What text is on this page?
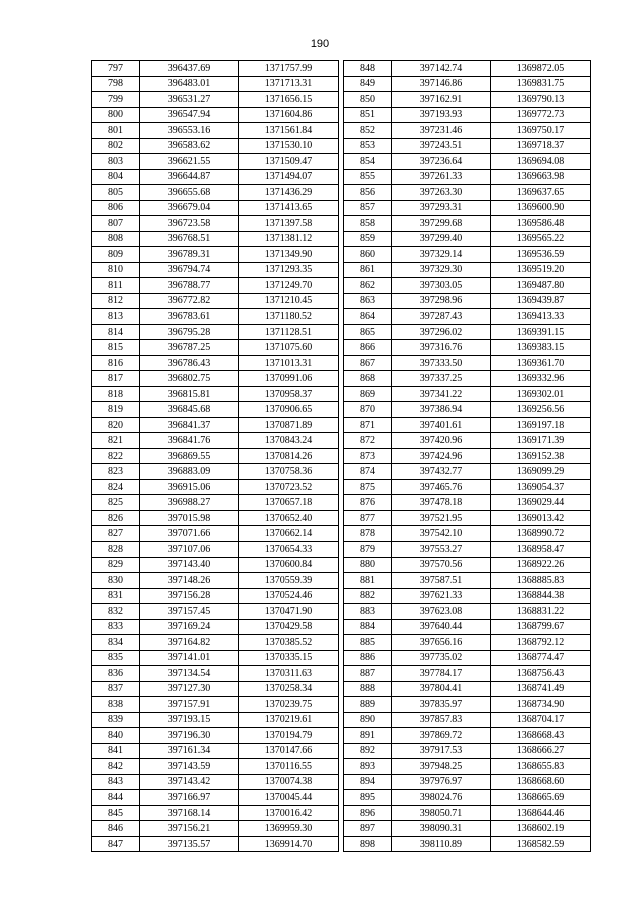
190
797	396437.69	1371757.99
798	396483.01	1371713.31
799	396531.27	1371656.15
800	396547.94	1371604.86
801	396553.16	1371561.84
802	396583.62	1371530.10
803	396621.55	1371509.47
804	396644.87	1371494.07
805	396655.68	1371436.29
806	396679.04	1371413.65
807	396723.58	1371397.58
808	396768.51	1371381.12
809	396789.31	1371349.90
810	396794.74	1371293.35
811	396788.77	1371249.70
812	396772.82	1371210.45
813	396783.61	1371180.52
814	396795.28	1371128.51
815	396787.25	1371075.60
816	396786.43	1371013.31
817	396802.75	1370991.06
818	396815.81	1370958.37
819	396845.68	1370906.65
820	396841.37	1370871.89
821	396841.76	1370843.24
822	396869.55	1370814.26
823	396883.09	1370758.36
824	396915.06	1370723.52
825	396988.27	1370657.18
826	397015.98	1370652.40
827	397071.66	1370662.14
828	397107.06	1370654.33
829	397143.40	1370600.84
830	397148.26	1370559.39
831	397156.28	1370524.46
832	397157.45	1370471.90
833	397169.24	1370429.58
834	397164.82	1370385.52
835	397141.01	1370335.15
836	397134.54	1370311.63
837	397127.30	1370258.34
838	397157.91	1370239.75
839	397193.15	1370219.61
840	397196.30	1370194.79
841	397161.34	1370147.66
842	397143.59	1370116.55
843	397143.42	1370074.38
844	397166.97	1370045.44
845	397168.14	1370016.42
846	397156.21	1369959.30
847	397135.57	1369914.70
848	397142.74	1369872.05
849	397146.86	1369831.75
850	397162.91	1369790.13
851	397193.93	1369772.73
852	397231.46	1369750.17
853	397243.51	1369718.37
854	397236.64	1369694.08
855	397261.33	1369663.98
856	397263.30	1369637.65
857	397293.31	1369600.90
858	397299.68	1369586.48
859	397299.40	1369565.22
860	397329.14	1369536.59
861	397329.30	1369519.20
862	397303.05	1369487.80
863	397298.96	1369439.87
864	397287.43	1369413.33
865	397296.02	1369391.15
866	397316.76	1369383.15
867	397333.50	1369361.70
868	397337.25	1369332.96
869	397341.22	1369302.01
870	397386.94	1369256.56
871	397401.61	1369197.18
872	397420.96	1369171.39
873	397424.96	1369152.38
874	397432.77	1369099.29
875	397465.76	1369054.37
876	397478.18	1369029.44
877	397521.95	1369013.42
878	397542.10	1368990.72
879	397553.27	1368958.47
880	397570.56	1368922.26
881	397587.51	1368885.83
882	397621.33	1368844.38
883	397623.08	1368831.22
884	397640.44	1368799.67
885	397656.16	1368792.12
886	397735.02	1368774.47
887	397784.17	1368756.43
888	397804.41	1368741.49
889	397835.97	1368734.90
890	397857.83	1368704.17
891	397869.72	1368668.43
892	397917.53	1368666.27
893	397948.25	1368655.83
894	397976.97	1368668.60
895	398024.76	1368665.69
896	398050.71	1368644.46
897	398090.31	1368602.19
898	398110.89	1368582.59
